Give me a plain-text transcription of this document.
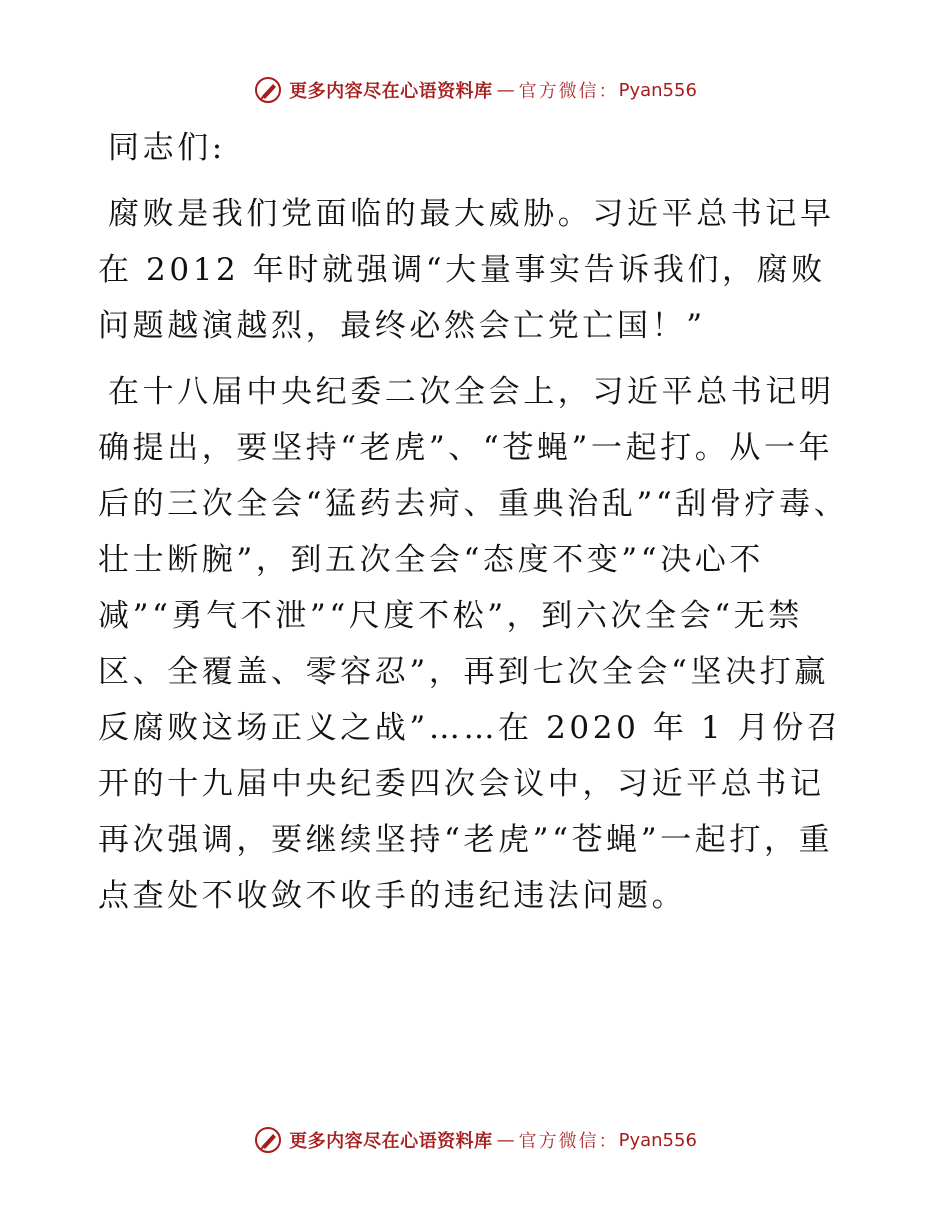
更多内容尽在心语资料库 — 官方微信： Pyan556

同志们:

腐败是我们党面临的最大威胁。习近平总书记早在 2012 年时就强调“大量事实告诉我们，腐败问题越演越烈，最终必然会亡党亡国！”

在十八届中央纪委二次全会上，习近平总书记明确提出，要坚持“老虎”、“苍蝇”一起打。从一年后的三次全会“猛药去疴、重典治乱”“刮骨疗毒、壮士断腕”，到五次全会“态度不变”“决心不减”“勇气不泄”“尺度不松”，到六次全会“无禁区、全覆盖、零容忍”，再到七次全会“坚决打赢反腐败这场正义之战”……在 2020 年 1 月份召开的十九届中央纪委四次会议中，习近平总书记再次强调，要继续坚持“老虎”“苍蝇”一起打，重点查处不收敛不收手的违纪违法问题。

更多内容尽在心语资料库 — 官方微信： Pyan556
